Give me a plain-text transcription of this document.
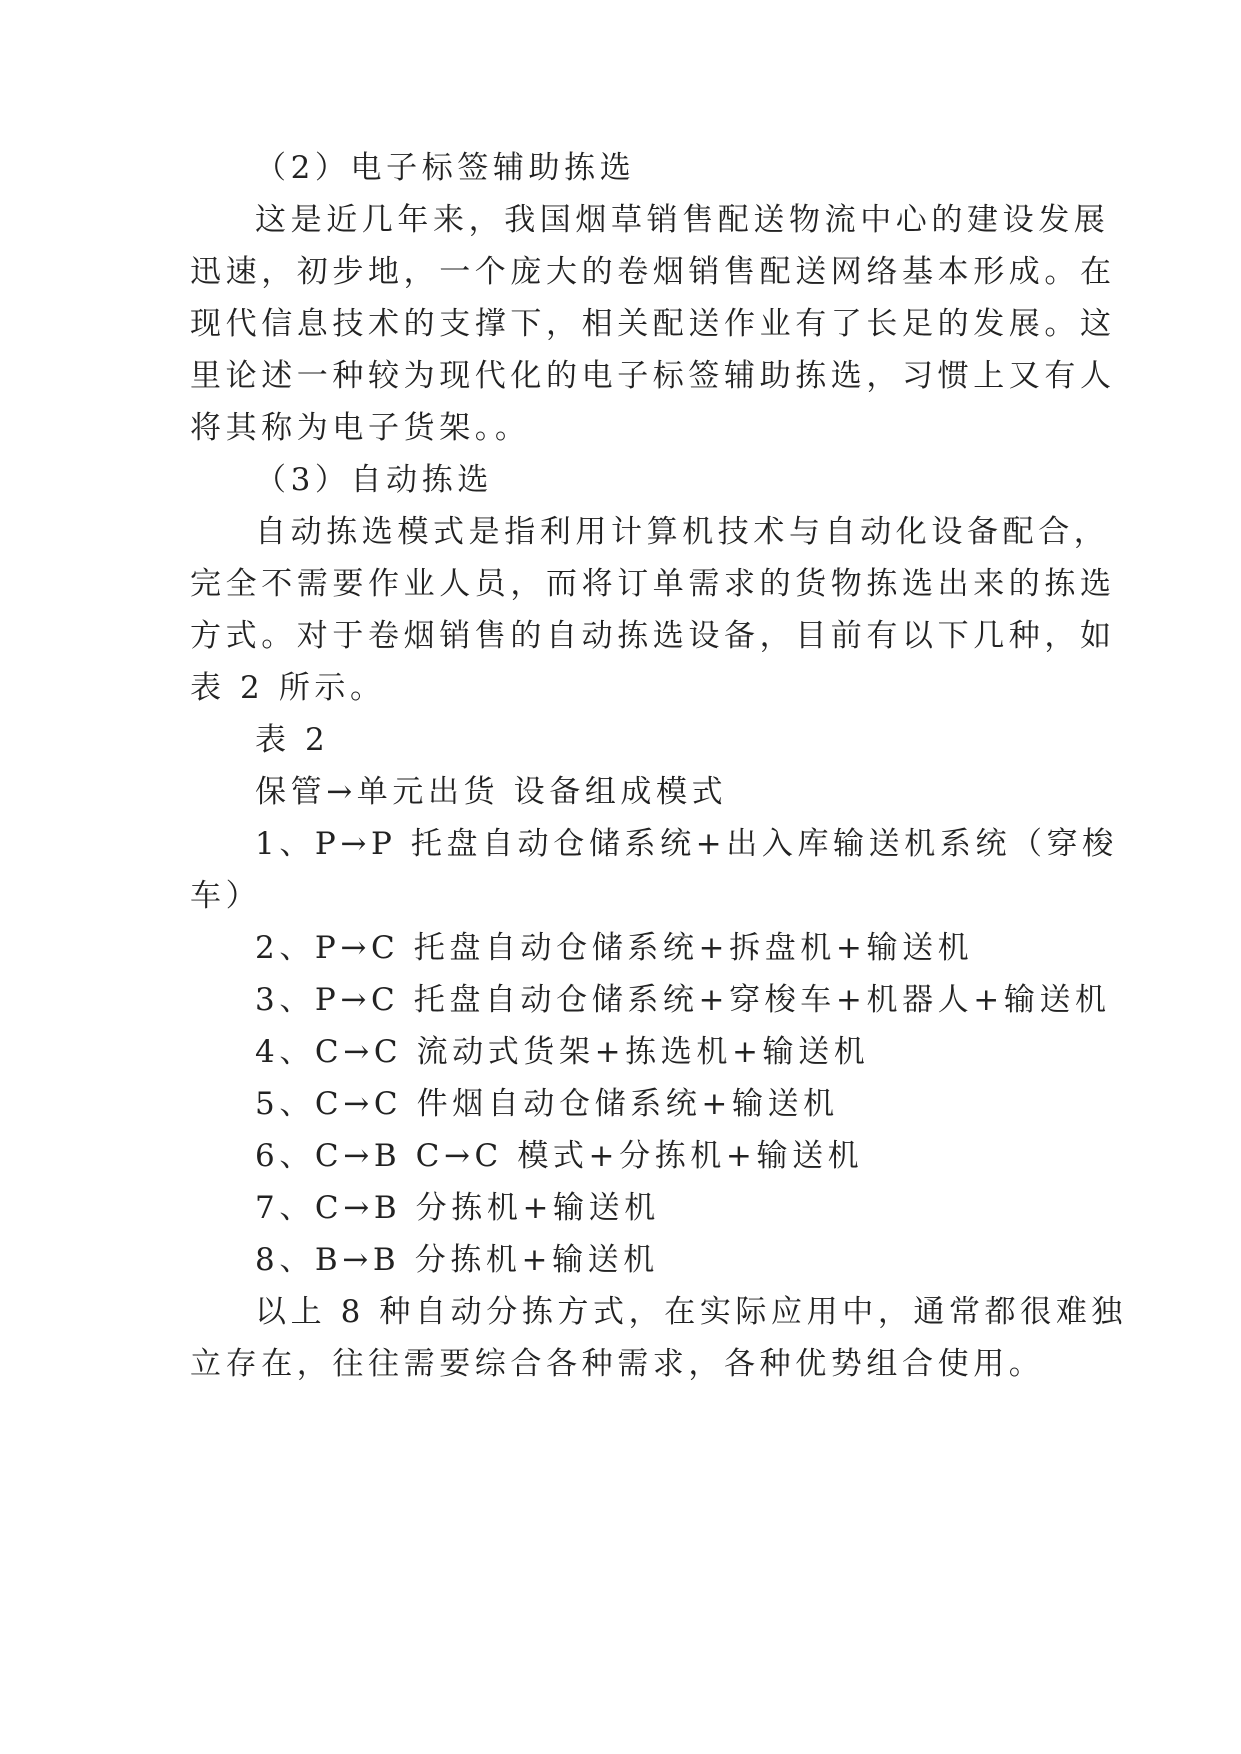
（2）电子标签辅助拣选
这是近几年来，我国烟草销售配送物流中心的建设发展
迅速，初步地，一个庞大的卷烟销售配送网络基本形成。在
现代信息技术的支撑下，相关配送作业有了长足的发展。这
里论述一种较为现代化的电子标签辅助拣选，习惯上又有人
将其称为电子货架。。
（3）自动拣选
自动拣选模式是指利用计算机技术与自动化设备配合，
完全不需要作业人员，而将订单需求的货物拣选出来的拣选
方式。对于卷烟销售的自动拣选设备，目前有以下几种，如
表 2 所示。
表 2
保管→单元出货 设备组成模式
1、P→P 托盘自动仓储系统+出入库输送机系统（穿梭
车）
2、P→C 托盘自动仓储系统+拆盘机+输送机
3、P→C 托盘自动仓储系统+穿梭车+机器人+输送机
4、C→C 流动式货架+拣选机+输送机
5、C→C 件烟自动仓储系统+输送机
6、C→B C→C 模式+分拣机+输送机
7、C→B 分拣机+输送机
8、B→B 分拣机+输送机
以上 8 种自动分拣方式，在实际应用中，通常都很难独
立存在，往往需要综合各种需求，各种优势组合使用。
